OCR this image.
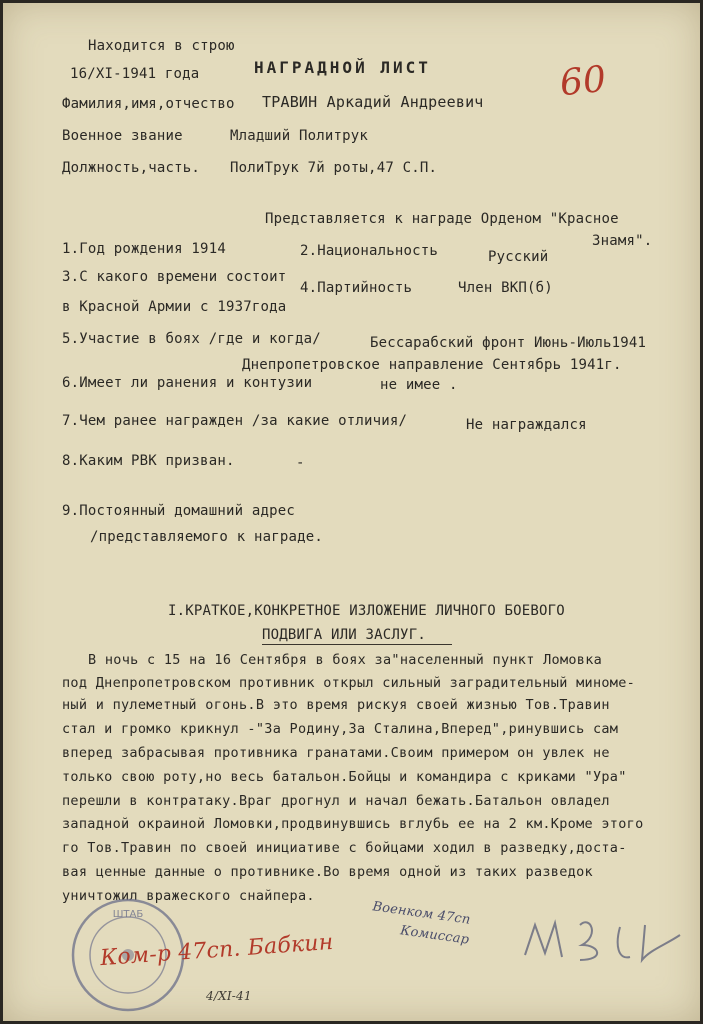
Находится в строю
16/XI-1941 года	НАГРАДНОЙ ЛИСТ	60
Фамилия,имя,отчество ТРАВИН Аркадий Андреевич
Военное звание	Младший Политрук
Должность,часть. ПолиТрук 7й роты,47 С.П.
Представляется к награде Орденом "Красное
Знамя".
1.Год рождения 1914	2.Национальность	Русский
3.С какого времени состоит
в Красной Армии с 1937года
4.Партийность	Член ВКП(б)
5.Участие в боях /где и когда/	Бессарабский фронт Июнь-Июль1941
Днепропетровское направление Сентябрь 1941г.
6.Имеет ли ранения и контузии	не имее .
7.Чем ранее награжден /за какие отличия/	Не награждался
8.Каким РВК призван.	-
9.Постоянный домашний адрес
/представляемого к награде.
I.КРАТКОЕ,КОНКРЕТНОЕ ИЗЛОЖЕНИЕ ЛИЧНОГО БОЕВОГО
ПОДВИГА ИЛИ ЗАСЛУГ.
В ночь с 15 на 16 Сентября в боях за"населенный пункт Ломовка
под Днепропетровском противник открыл сильный заградительный миноме-
ный и пулеметный огонь.В это время рискуя своей жизнью Тов.Травин
стал и громко крикнул -"За Родину,За Сталина,Вперед",ринувшись сам
вперед забрасывая противника гранатами.Своим примером он увлек не
только свою роту,но весь батальон.Бойцы и командира с криками "Ура"
перешли в контратаку.Враг дрогнул и начал бежать.Батальон овладел
западной окраиной Ломовки,продвинувшись вглубь ее на 2 км.Кроме этого
го Тов.Травин по своей инициативе с бойцами ходил в разведку,доста-
вая ценные данные о противнике.Во время одной из таких разведок
уничтожил вражеского снайпера.
ШТАБ
Ком-р 47сп. Бабкин
Военком 47сп
Комиссар
4/XI-41
